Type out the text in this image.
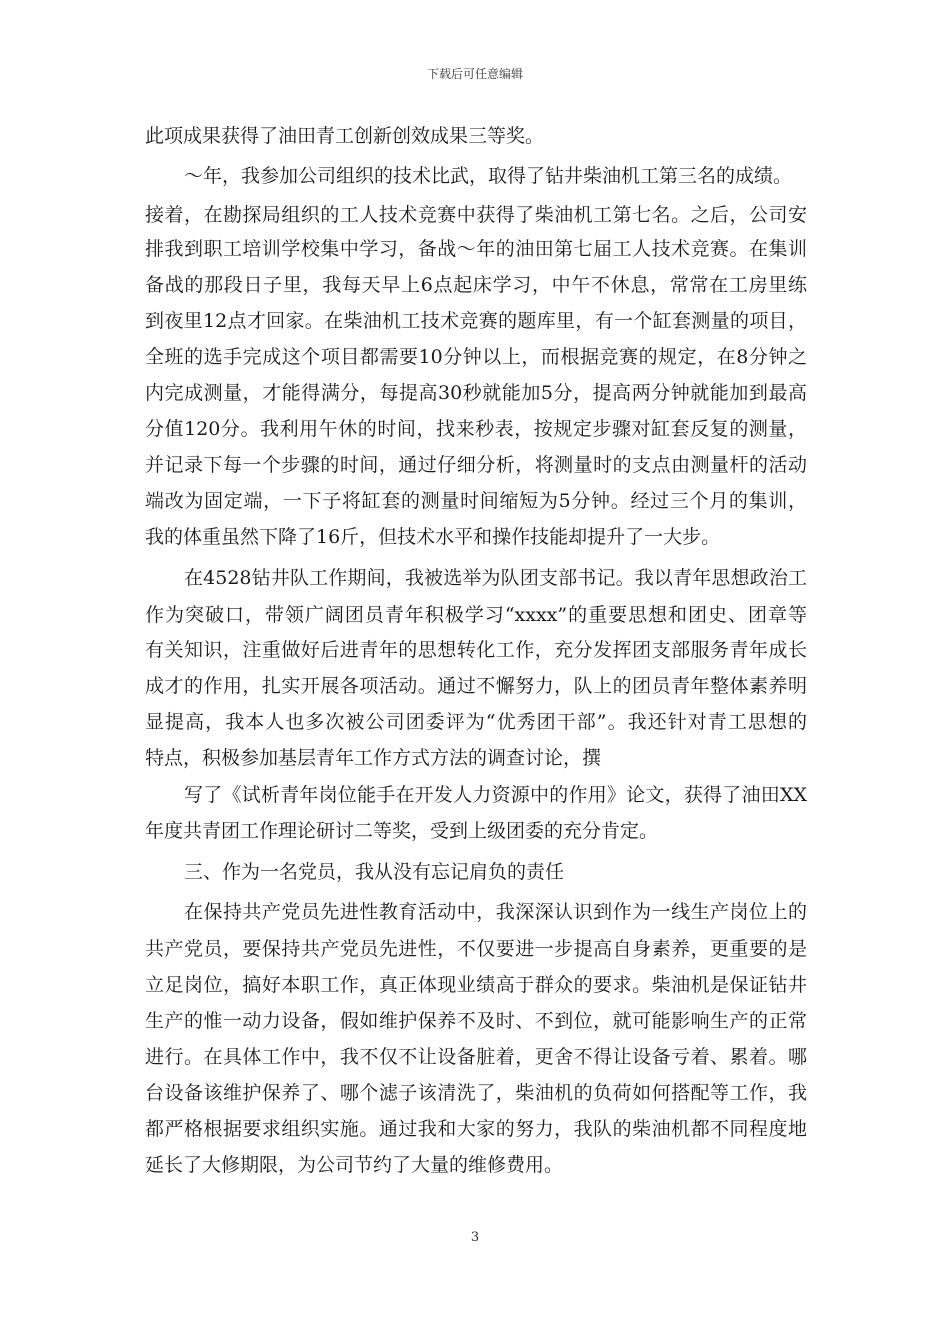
下载后可任意编辑
此项成果获得了油田青工创新创效成果三等奖。
～年，我参加公司组织的技术比武，取得了钻井柴油机工第三名的成绩。
接着，在勘探局组织的工人技术竞赛中获得了柴油机工第七名。之后，公司安
排我到职工培训学校集中学习，备战～年的油田第七届工人技术竞赛。在集训
备战的那段日子里，我每天早上6点起床学习，中午不休息，常常在工房里练
到夜里12点才回家。在柴油机工技术竞赛的题库里，有一个缸套测量的项目，
全班的选手完成这个项目都需要10分钟以上，而根据竞赛的规定，在8分钟之
内完成测量，才能得满分，每提高30秒就能加5分，提高两分钟就能加到最高
分值120分。我利用午休的时间，找来秒表，按规定步骤对缸套反复的测量，
并记录下每一个步骤的时间，通过仔细分析，将测量时的支点由测量杆的活动
端改为固定端，一下子将缸套的测量时间缩短为5分钟。经过三个月的集训，
我的体重虽然下降了16斤，但技术水平和操作技能却提升了一大步。
在4528钻井队工作期间，我被选举为队团支部书记。我以青年思想政治工
作为突破口，带领广阔团员青年积极学习“xxxx”的重要思想和团史、团章等
有关知识，注重做好后进青年的思想转化工作，充分发挥团支部服务青年成长
成才的作用，扎实开展各项活动。通过不懈努力，队上的团员青年整体素养明
显提高，我本人也多次被公司团委评为“优秀团干部”。我还针对青工思想的
特点，积极参加基层青年工作方式方法的调查讨论，撰
写了《试析青年岗位能手在开发人力资源中的作用》论文，获得了油田XX
年度共青团工作理论研讨二等奖，受到上级团委的充分肯定。
三、作为一名党员，我从没有忘记肩负的责任
在保持共产党员先进性教育活动中，我深深认识到作为一线生产岗位上的
共产党员，要保持共产党员先进性，不仅要进一步提高自身素养，更重要的是
立足岗位，搞好本职工作，真正体现业绩高于群众的要求。柴油机是保证钻井
生产的惟一动力设备，假如维护保养不及时、不到位，就可能影响生产的正常
进行。在具体工作中，我不仅不让设备脏着，更舍不得让设备亏着、累着。哪
台设备该维护保养了、哪个滤子该清洗了，柴油机的负荷如何搭配等工作，我
都严格根据要求组织实施。通过我和大家的努力，我队的柴油机都不同程度地
延长了大修期限，为公司节约了大量的维修费用。
3
